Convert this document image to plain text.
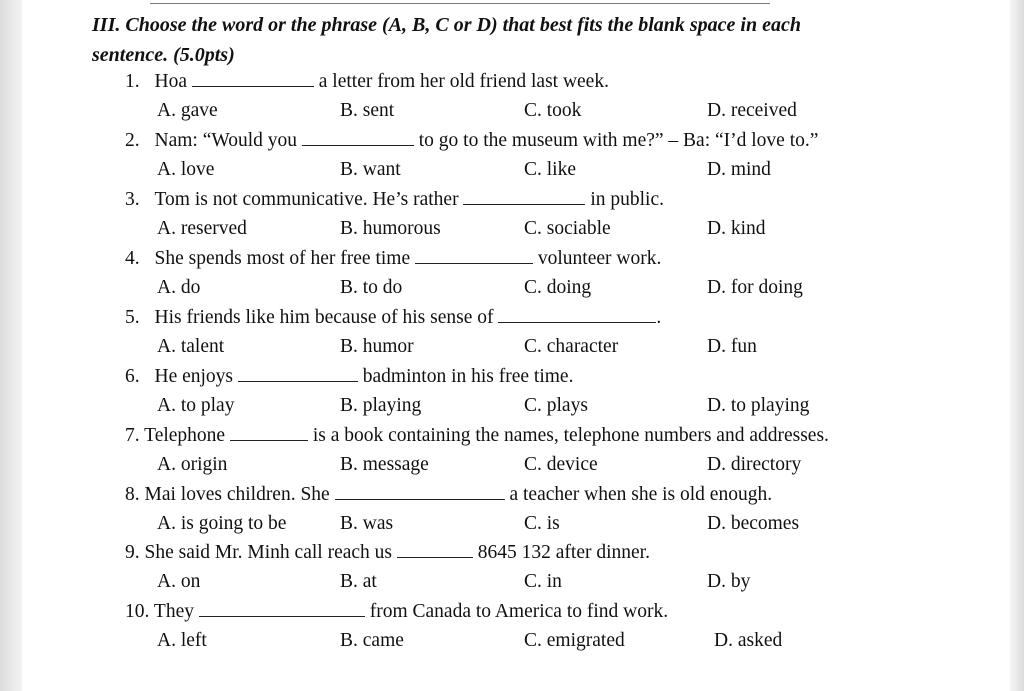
III. Choose the word or the phrase (A, B, C or D) that best fits the blank space in each
sentence. (5.0pts)
1. Hoa	a letter from her old friend last week.
A. gave	B. sent	C. took	D. received
2. Nam: “Would you	to go to the museum with me?” – Ba: “I’d love to.”
A. love	B. want	C. like	D. mind
3. Tom is not communicative. He’s rather	in public.
A. reserved	B. humorous	C. sociable	D. kind
4. She spends most of her free time	volunteer work.
A. do	B. to do	C. doing	D. for doing
5. His friends like him because of his sense of	.
A. talent	B. humor	C. character	D. fun
6. He enjoys	badminton in his free time.
A. to play	B. playing	C. plays	D. to playing
7. Telephone	is a book containing the names, telephone numbers and addresses.
A. origin	B. message	C. device	D. directory
8. Mai loves children. She	a teacher when she is old enough.
A. is going to be	B. was	C. is	D. becomes
9. She said Mr. Minh call reach us	8645 132 after dinner.
A. on	B. at	C. in	D. by
10. They	from Canada to America to find work.
A. left	B. came	C. emigrated	D. asked
